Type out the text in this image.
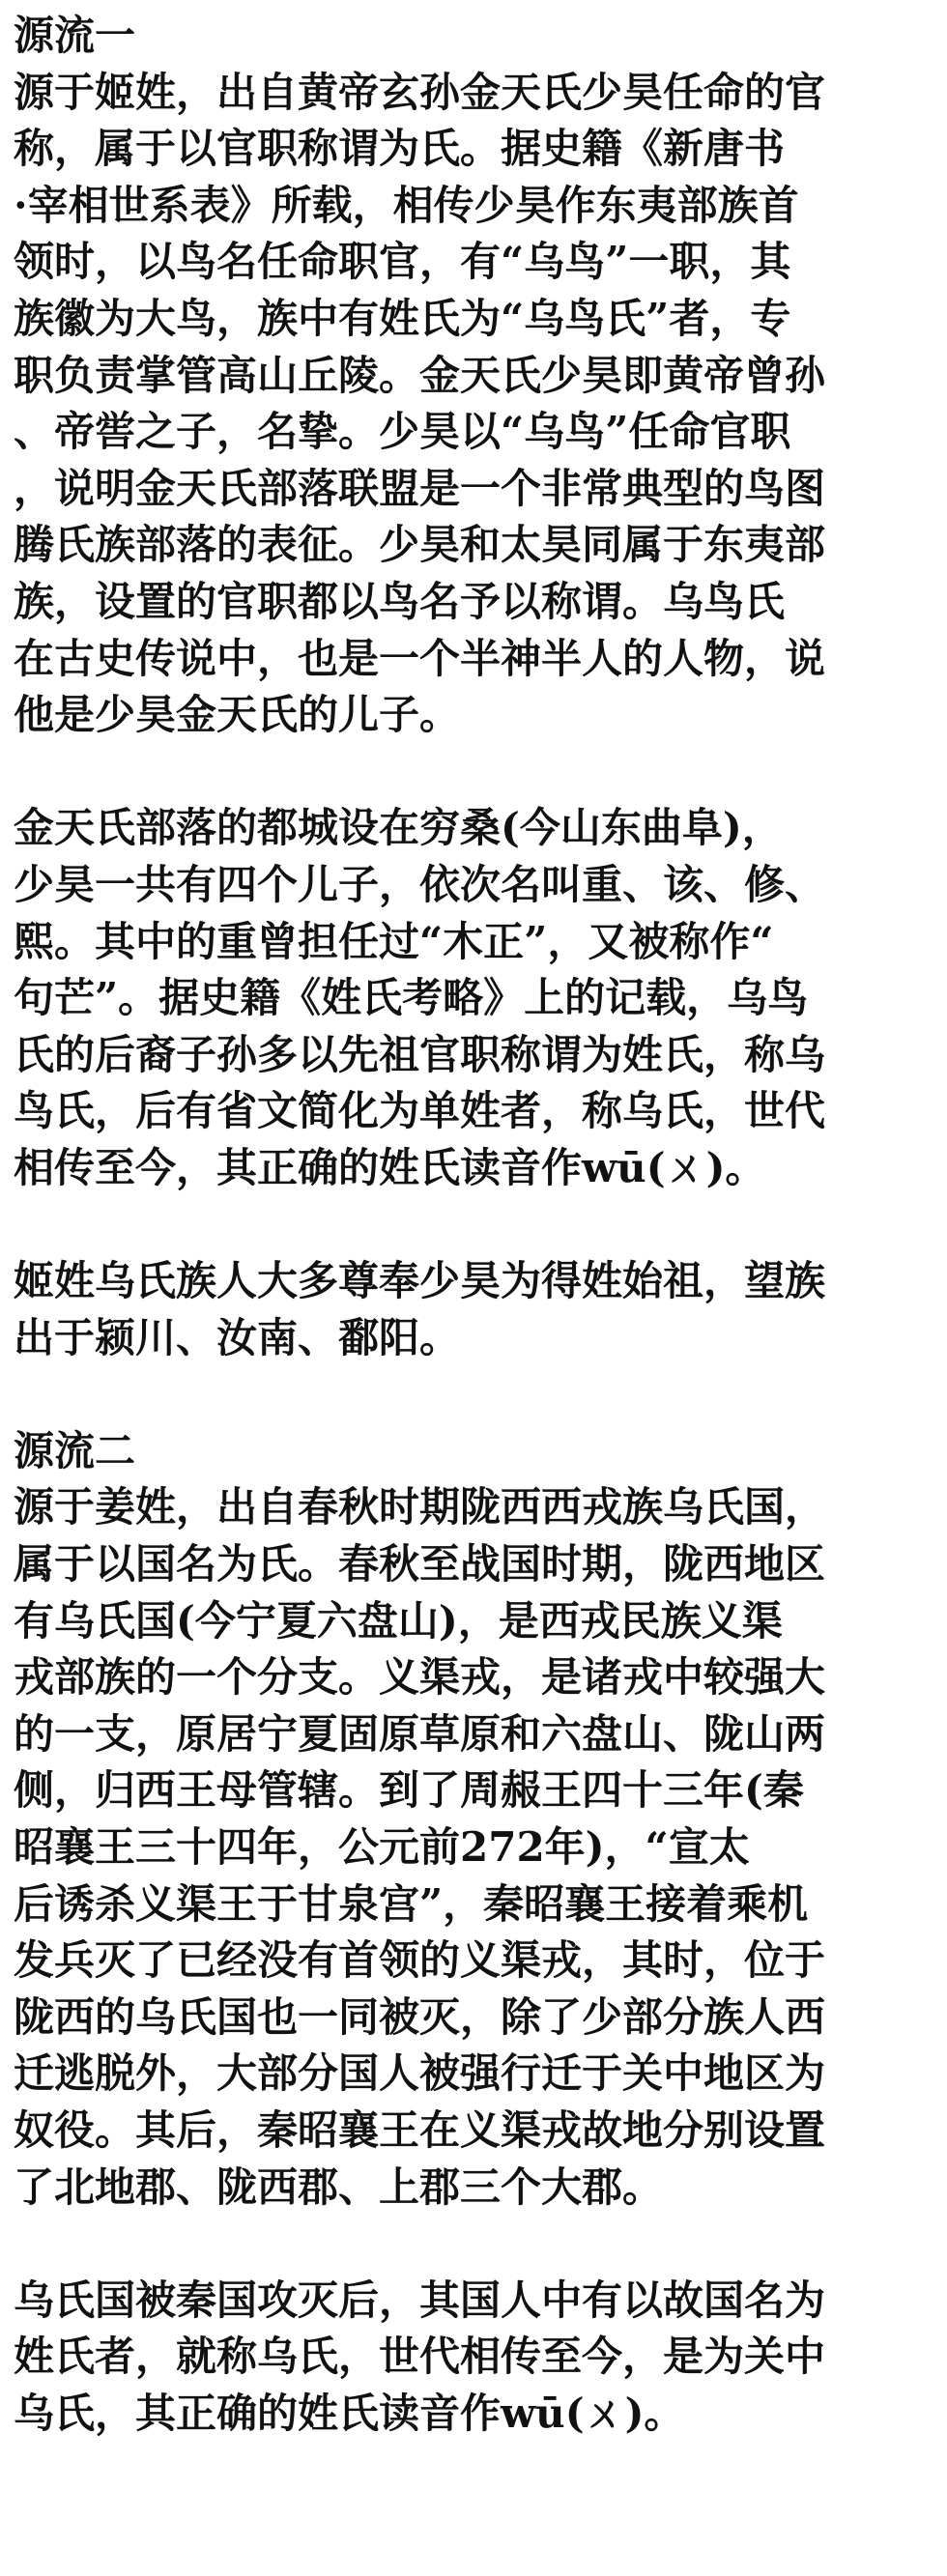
源流一
源于姬姓，出自黄帝玄孙金天氏少昊任命的官
称，属于以官职称谓为氏。据史籍《新唐书
·宰相世系表》所载，相传少昊作东夷部族首
领时，以鸟名任命职官，有“乌鸟”一职，其
族徽为大鸟，族中有姓氏为“乌鸟氏”者，专
职负责掌管高山丘陵。金天氏少昊即黄帝曾孙
、帝喾之子，名挚。少昊以“乌鸟”任命官职
，说明金天氏部落联盟是一个非常典型的鸟图
腾氏族部落的表征。少昊和太昊同属于东夷部
族，设置的官职都以鸟名予以称谓。乌鸟氏
在古史传说中，也是一个半神半人的人物，说
他是少昊金天氏的儿子。
金天氏部落的都城设在穷桑(今山东曲阜)，
少昊一共有四个儿子，依次名叫重、该、修、
熙。其中的重曾担任过“木正”，又被称作“
句芒”。据史籍《姓氏考略》上的记载，乌鸟
氏的后裔子孙多以先祖官职称谓为姓氏，称乌
鸟氏，后有省文简化为单姓者，称乌氏，世代
相传至今，其正确的姓氏读音作wū(ㄨ)。
姬姓乌氏族人大多尊奉少昊为得姓始祖，望族
出于颍川、汝南、鄱阳。
源流二
源于姜姓，出自春秋时期陇西西戎族乌氏国，
属于以国名为氏。春秋至战国时期，陇西地区
有乌氏国(今宁夏六盘山)，是西戎民族义渠
戎部族的一个分支。义渠戎，是诸戎中较强大
的一支，原居宁夏固原草原和六盘山、陇山两
侧，归西王母管辖。到了周赧王四十三年(秦
昭襄王三十四年，公元前272年)，“宣太
后诱杀义渠王于甘泉宫”，秦昭襄王接着乘机
发兵灭了已经没有首领的义渠戎，其时，位于
陇西的乌氏国也一同被灭，除了少部分族人西
迁逃脱外，大部分国人被强行迁于关中地区为
奴役。其后，秦昭襄王在义渠戎故地分别设置
了北地郡、陇西郡、上郡三个大郡。
乌氏国被秦国攻灭后，其国人中有以故国名为
姓氏者，就称乌氏，世代相传至今，是为关中
乌氏，其正确的姓氏读音作wū(ㄨ)。
